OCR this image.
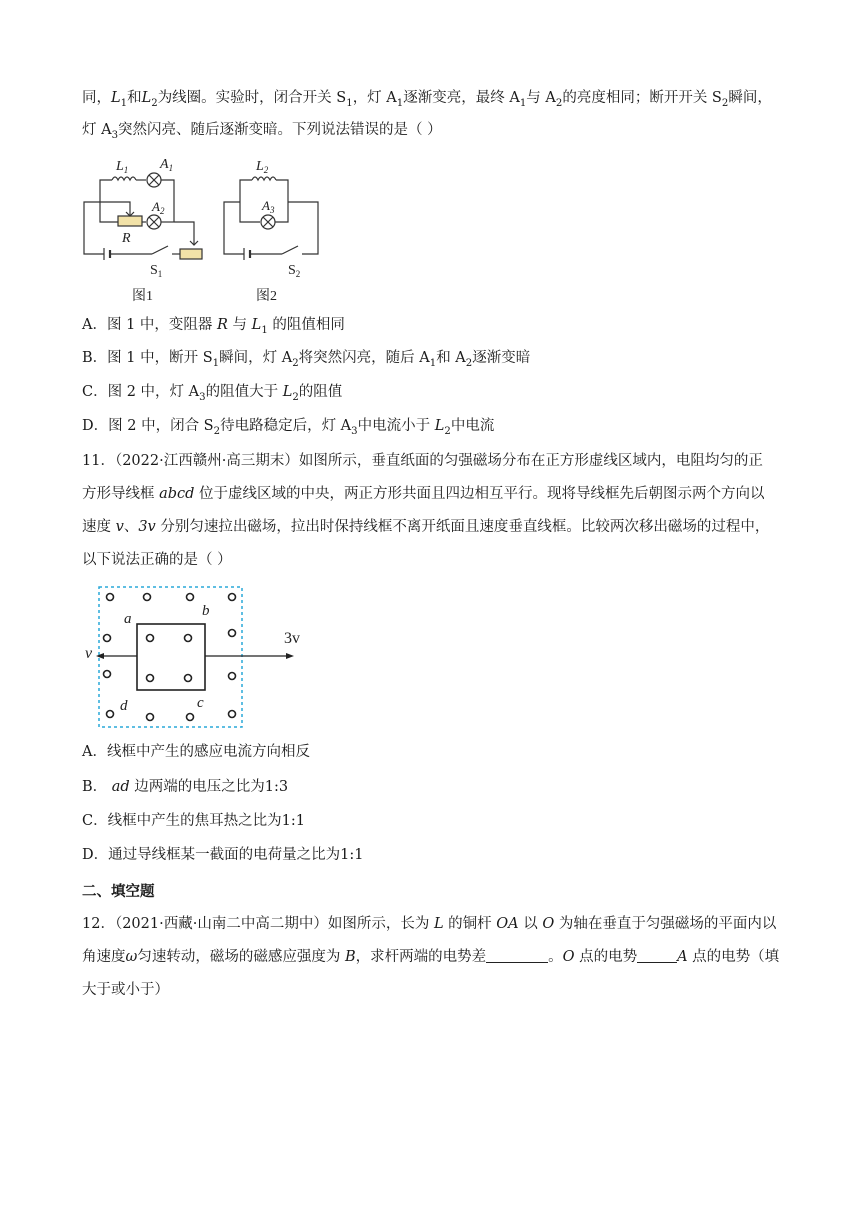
同，$L_1$和$L_2$为线圈。实验时，闭合开关 $S_1$，灯 $A_1$逐渐变亮，最终 $A_1$与 $A_2$的亮度相同；断开开关 $S_2$瞬间，
灯 $A_3$突然闪亮、随后逐渐变暗。下列说法错误的是（ ）
$L_1$ $A_1$
$A_2$
R
$S_1$
图1
$L_2$
$A_3$
$S_2$
图2
A．图 1 中，变阻器 R 与 $L_1$ 的阻值相同
B．图 1 中，断开 $S_1$瞬间，灯 $A_2$将突然闪亮，随后 $A_1$和 $A_2$逐渐变暗
C．图 2 中，灯 $A_3$的阻值大于 $L_2$的阻值
D．图 2 中，闭合 $S_2$待电路稳定后，灯 $A_3$中电流小于 $L_2$中电流
11．（2022·江西赣州·高三期末）如图所示，垂直纸面的匀强磁场分布在正方形虚线区域内，电阻均匀的正
方形导线框 abcd 位于虚线区域的中央，两正方形共面且四边相互平行。现将导线框先后朝图示两个方向以
速度 v、3v 分别匀速拉出磁场，拉出时保持线框不离开纸面且速度垂直线框。比较两次移出磁场的过程中，
以下说法正确的是（ ）
a	b
c
d
v
3v
A．线框中产生的感应电流方向相反
B． ad 边两端的电压之比为1:3
C．线框中产生的焦耳热之比为1:1
D．通过导线框某一截面的电荷量之比为1:1
二、填空题
12．（2021·西藏·山南二中高二期中）如图所示，长为 L 的铜杆 OA 以 O 为轴在垂直于匀强磁场的平面内以
角速度ω匀速转动，磁场的磁感应强度为 B，求杆两端的电势差	。O 点的电势	A 点的电势（填
大于或小于）
